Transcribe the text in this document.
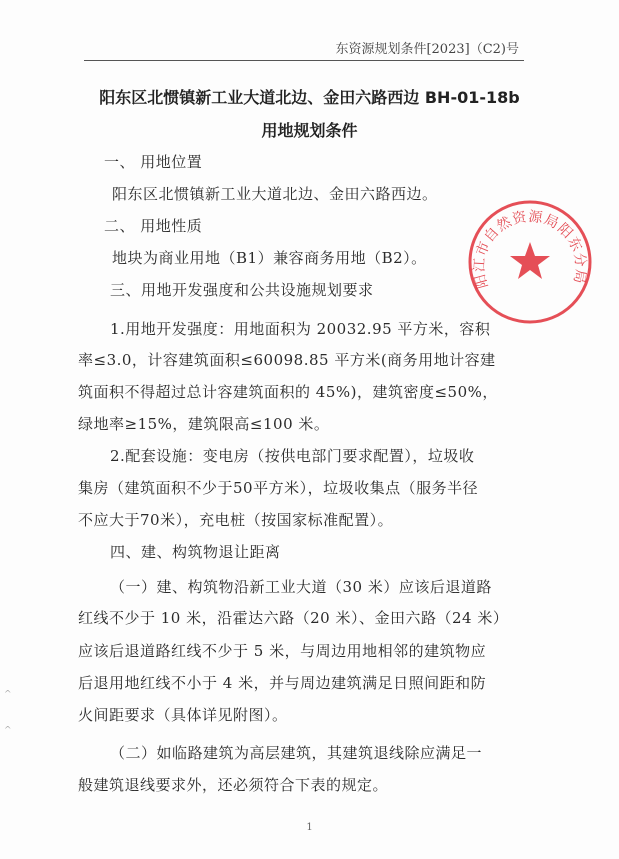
东资源规划条件[2023]（C2)号
阳东区北惯镇新工业大道北边、金田六路西边 BH-01-18b
用地规划条件
一、 用地位置
阳东区北惯镇新工业大道北边、金田六路西边。
二、 用地性质
地块为商业用地（B1）兼容商务用地（B2）。
三、用地开发强度和公共设施规划要求
1.用地开发强度：用地面积为 20032.95 平方米，容积
率≤3.0，计容建筑面积≤60098.85 平方米(商务用地计容建
筑面积不得超过总计容建筑面积的 45%)，建筑密度≤50%，
绿地率≥15%，建筑限高≤100 米。
2.配套设施：变电房（按供电部门要求配置），垃圾收
集房（建筑面积不少于50平方米），垃圾收集点（服务半径
不应大于70米），充电桩（按国家标准配置）。
四、建、构筑物退让距离
（一）建、构筑物沿新工业大道（30 米）应该后退道路
红线不少于 10 米，沿霍达六路（20 米）、金田六路（24 米）
应该后退道路红线不少于 5 米，与周边用地相邻的建筑物应
后退用地红线不小于 4 米，并与周边建筑满足日照间距和防
火间距要求（具体详见附图）。
（二）如临路建筑为高层建筑，其建筑退线除应满足一
般建筑退线要求外，还必须符合下表的规定。
阳江市自然资源局阳东分局
^
^
1
